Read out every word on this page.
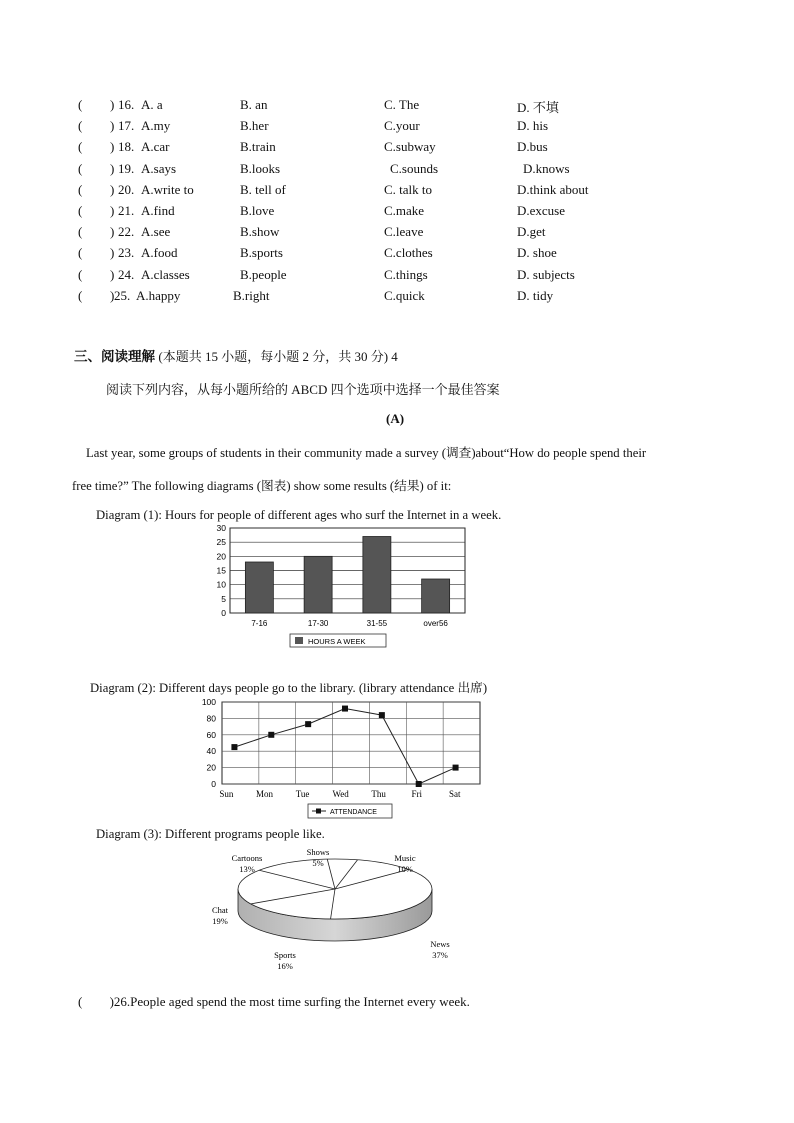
( ) 16. A. a	B. an	C. The	D. 不填
( ) 17. A.my	B.her	C.your	D. his
( ) 18. A.car	B.train	C.subway	D.bus
( ) 19. A.says	B.looks	C.sounds	D.knows
( ) 20. A.write to	B. tell of	C. talk to	D.think about
( ) 21. A.find	B.love	C.make	D.excuse
( ) 22. A.see	B.show	C.leave	D.get
( ) 23. A.food	B.sports	C.clothes	D. shoe
( ) 24. A.classes	B.people	C.things	D. subjects
( ) 25. A.happy	B.right	C.quick	D. tidy
三、阅读理解 (本题共 15 小题，每小题 2 分，共 30 分) 4
阅读下列内容，从每小题所给的 ABCD 四个选项中选择一个最佳答案
(A)
Last year, some groups of students in their community made a survey (调查)about“How do people spend their
free time?” The following diagrams (图表) show some results (结果) of it:
Diagram (1): Hours for people of different ages who surf the Internet in a week.
0
5
10
15
20
25
30
7-16	17-30	31-55	over56
HOURS A WEEK
Diagram (2): Different days people go to the library. (library attendance 出席)
0
20
40
60
80
100
Sun	Mon	Tue	Wed	Thu	Fri	Sat
ATTENDANCE
Diagram (3): Different programs people like.
Shows
5%	Music
10%
News
37%
Sports
16%
Chat
19%
Cartoons
13%
( )26.People aged spend the most time surfing the Internet every week.
